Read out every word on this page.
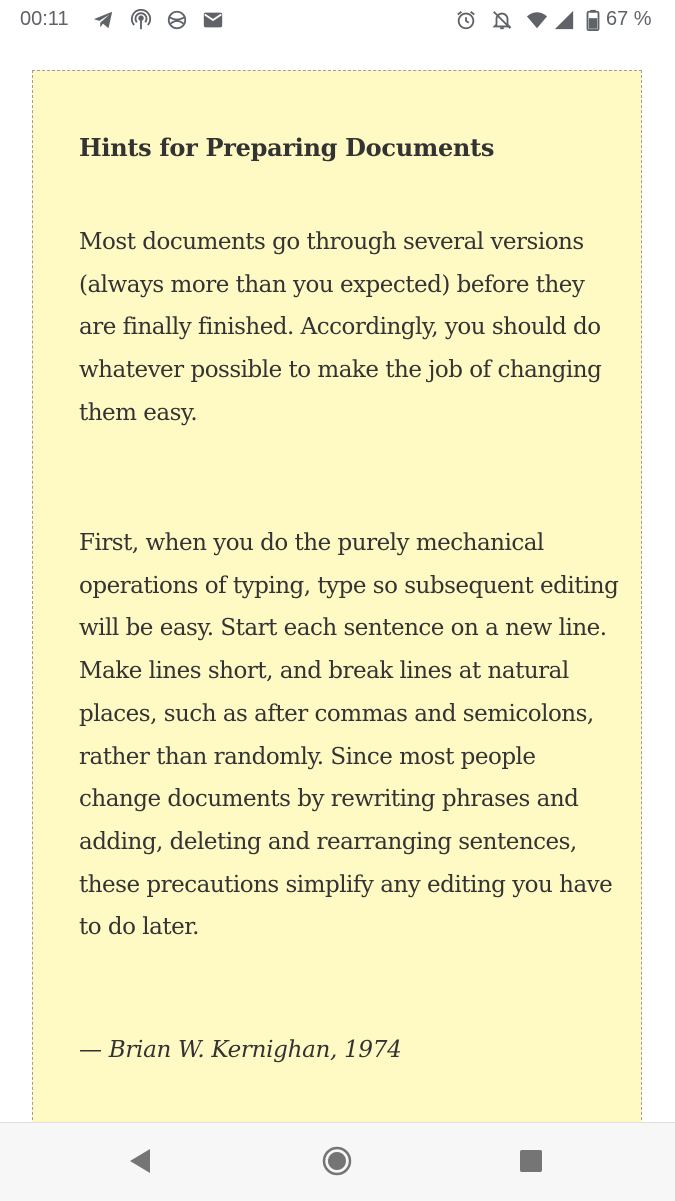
00:11	67 %
Hints for Preparing Documents

Most documents go through several versions (always more than you expected) before they are finally finished. Accordingly, you should do whatever possible to make the job of changing them easy.

First, when you do the purely mechanical operations of typing, type so subsequent editing will be easy. Start each sentence on a new line. Make lines short, and break lines at natural places, such as after commas and semicolons, rather than randomly. Since most people change documents by rewriting phrases and adding, deleting and rearranging sentences, these precautions simplify any editing you have to do later.

— Brian W. Kernighan, 1974
